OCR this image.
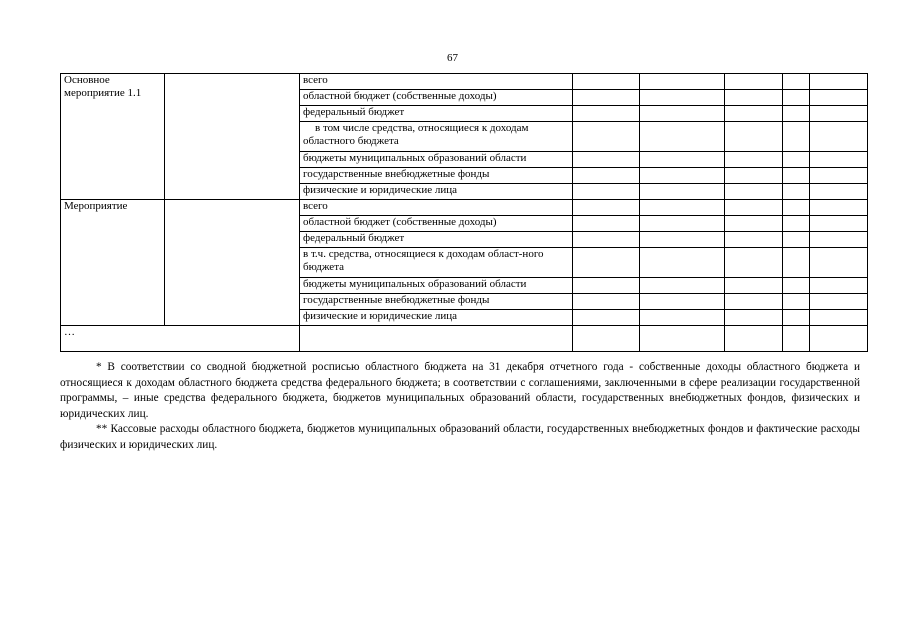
67
Основное
мероприятие 1.1		всего					
		областной бюджет (собственные доходы)					
		федеральный бюджет					
		в том числе средства, относящиеся к доходам областного бюджета					
		бюджеты муниципальных образований области					
		государственные внебюджетные фонды					
		физические и юридические лица					
Мероприятие		всего					
		областной бюджет (собственные доходы)					
		федеральный бюджет					
		в т.ч. средства, относящиеся к доходам област-ного бюджета					
		бюджеты муниципальных образований области					
		государственные внебюджетные фонды					
		физические и юридические лица					
…							

* В соответствии со сводной бюджетной росписью областного бюджета на 31 декабря отчетного года - собственные доходы областного бюджета и относящиеся к доходам областного бюджета средства федерального бюджета; в соответствии с соглашениями, заключенными в сфере реализации государственной программы, – иные средства федерального бюджета, бюджетов муниципальных образований области, государственных внебюджетных фондов, физических и юридических лиц.

** Кассовые расходы областного бюджета, бюджетов муниципальных образований области, государственных внебюджетных фондов и фактические расходы физических и юридических лиц.
